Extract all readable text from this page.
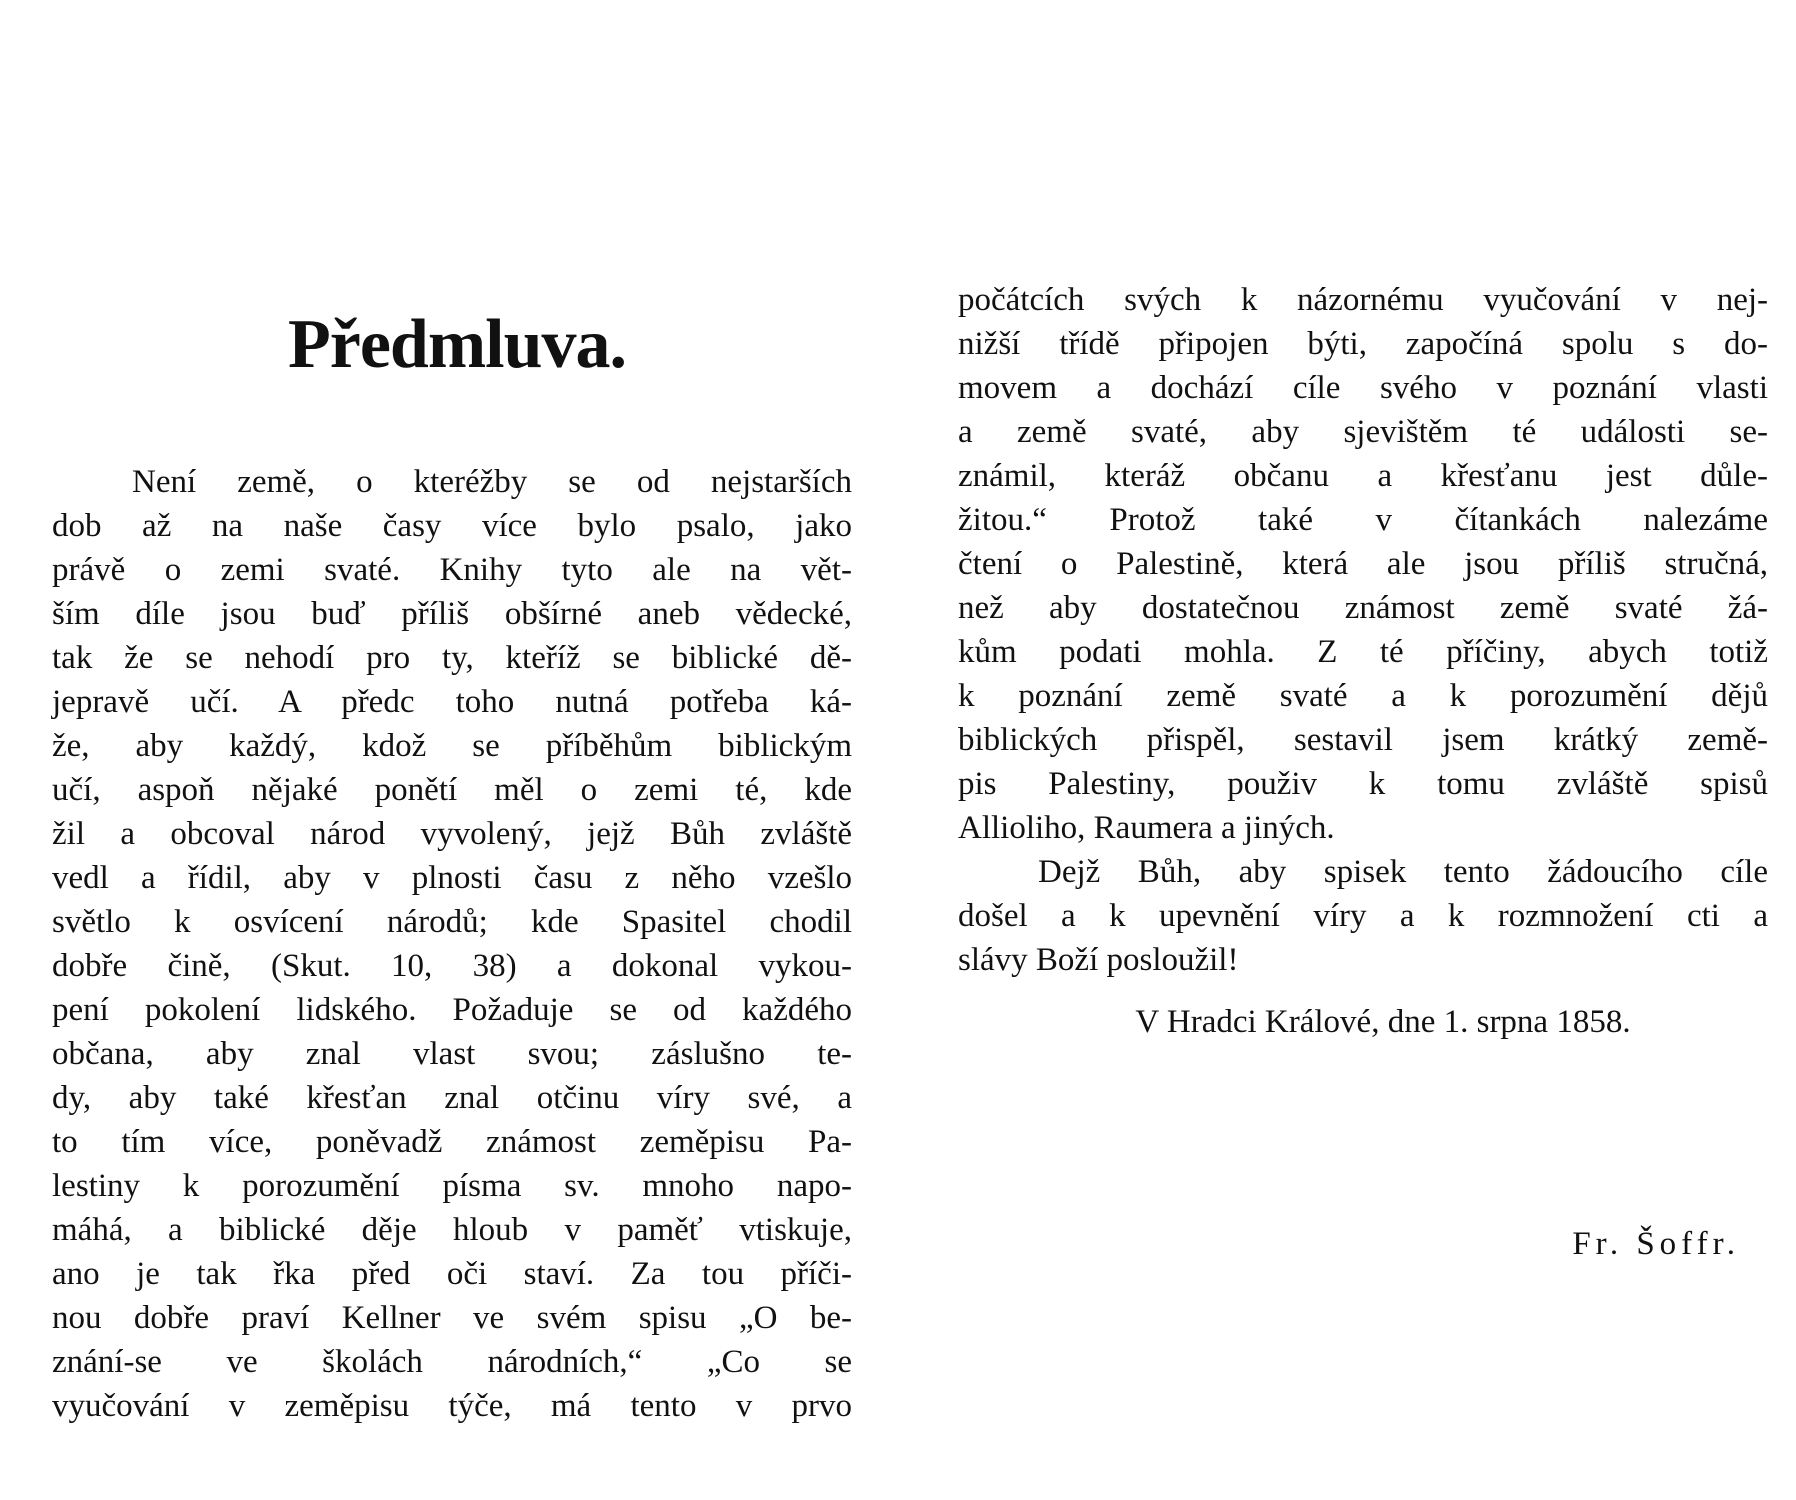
Předmluva.
Není země, o kteréžby se od nejstarších
dob až na naše časy více bylo psalo, jako
právě o zemi svaté. Knihy tyto ale na vět-
ším díle jsou buď příliš obšírné aneb vědecké,
tak že se nehodí pro ty, kteříž se biblické dě-
jepravě učí. A předc toho nutná potřeba ká-
že, aby každý, kdož se příběhům biblickým
učí, aspoň nějaké ponětí měl o zemi té, kde
žil a obcoval národ vyvolený, jejž Bůh zvláště
vedl a řídil, aby v plnosti času z něho vzešlo
světlo k osvícení národů; kde Spasitel chodil
dobře čině, (Skut. 10, 38) a dokonal vykou-
pení pokolení lidského. Požaduje se od každého
občana, aby znal vlast svou; záslušno te-
dy, aby také křesťan znal otčinu víry své, a
to tím více, poněvadž známost zeměpisu Pa-
lestiny k porozumění písma sv. mnoho napo-
máhá, a biblické děje hloub v paměť vtiskuje,
ano je tak řka před oči staví. Za tou příči-
nou dobře praví Kellner ve svém spisu „O be-
znání-se ve školách národních,“ „Co se
vyučování v zeměpisu týče, má tento v prvo
počátcích svých k názornému vyučování v nej-
nižší třídě připojen býti, započíná spolu s do-
movem a dochází cíle svého v poznání vlasti
a země svaté, aby sjevištěm té události se-
známil, kteráž občanu a křesťanu jest důle-
žitou.“ Protož také v čítankách nalezáme
čtení o Palestině, která ale jsou příliš stručná,
než aby dostatečnou známost země svaté žá-
kům podati mohla. Z té příčiny, abych totiž
k poznání země svaté a k porozumění dějů
biblických přispěl, sestavil jsem krátký země-
pis Palestiny, použiv k tomu zvláště spisů
Allioliho, Raumera a jiných.
Dejž Bůh, aby spisek tento žádoucího cíle
došel a k upevnění víry a k rozmnožení cti a
slávy Boží posloužil!
V Hradci Králové, dne 1. srpna 1858.
Fr. Šoffr.
